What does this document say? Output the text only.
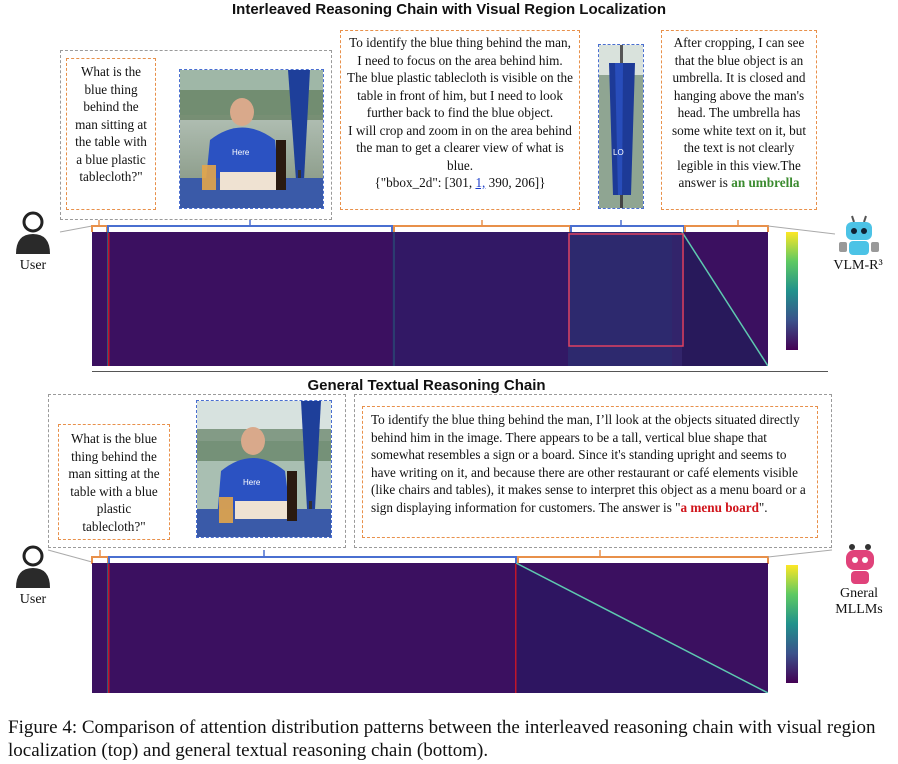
Interleaved Reasoning Chain with Visual Region Localization
What is the blue thing behind the man sitting at the table with a blue plastic tablecloth?"
Here
To identify the blue thing behind the man, I need to focus on the area behind him. The blue plastic tablecloth is visible on the table in front of him, but I need to look further back to find the blue object.
I will crop and zoom in on the area behind the man to get a clearer view of what is blue.
{"bbox_2d": [301, 1, 390, 206]}
LO
After cropping, I can see that the blue object is an umbrella. It is closed and hanging above the man's head. The umbrella has some white text on it, but the text is not clearly legible in this view.The answer is an umbrella
User	VLM-R³
General Textual Reasoning Chain
What is the blue thing behind the man sitting at the table with a blue plastic tablecloth?"
Here
To identify the blue thing behind the man, I’ll look at the objects situated directly behind him in the image. There appears to be a tall, vertical blue shape that somewhat resembles a sign or a board. Since it's standing upright and seems to have writing on it, and because there are other restaurant or café elements visible (like chairs and tables), it makes sense to interpret this object as a menu board or a sign displaying information for customers. The answer is "a menu board".
User	Gneral
MLLMs
Figure 4: Comparison of attention distribution patterns between the interleaved reasoning chain with visual region localization (top) and general textual reasoning chain (bottom).
